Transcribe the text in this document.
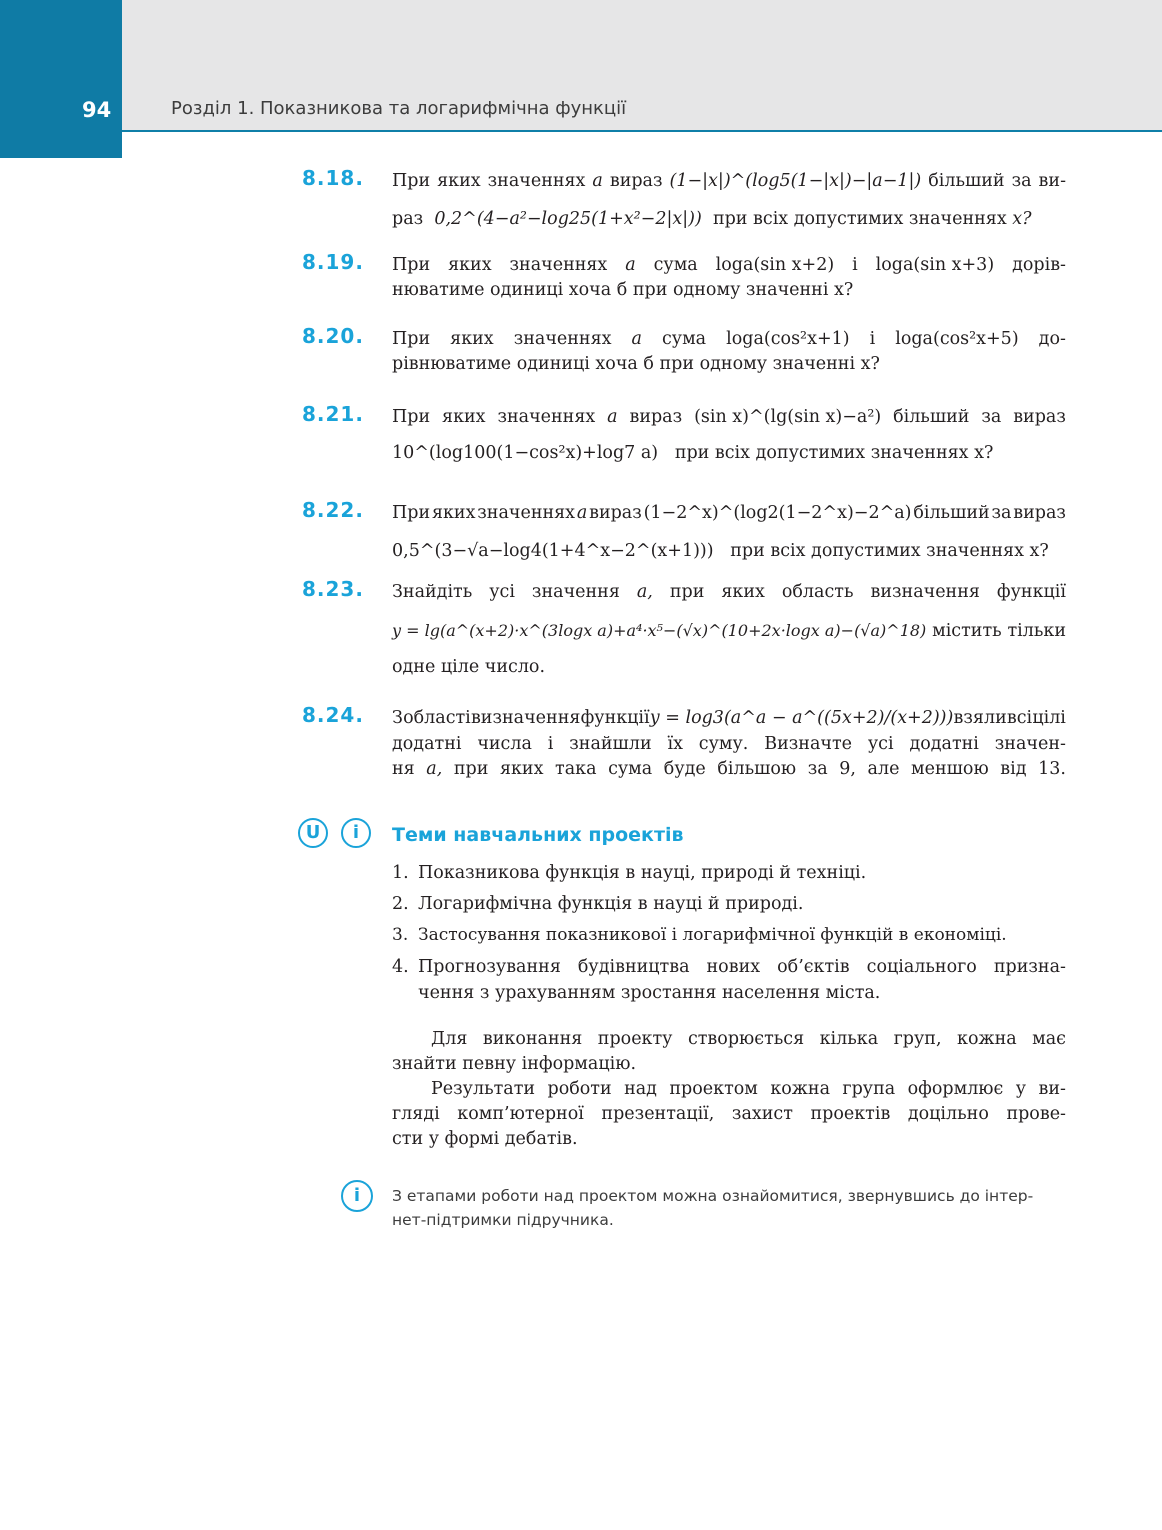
94	Розділ 1. Показникова та логарифмічна функції
8.18.	При яких значеннях a вираз (1−|x|)^(log5(1−|x|)−|a−1|) більший за ви-
раз 0,2^(4−a²−log25(1+x²−2|x|)) при всіх допустимих значеннях x?
8.19.	При яких значеннях a сума loga(sin x+2) і loga(sin x+3) дорів-
нюватиме одиниці хоча б при одному значенні x?
8.20.	При яких значеннях a сума loga(cos²x+1) і loga(cos²x+5) до-
рівнюватиме одиниці хоча б при одному значенні x?
8.21.	При яких значеннях a вираз (sin x)^(lg(sin x)−a²) більший за вираз
10^(log100(1−cos²x)+log7 a) при всіх допустимих значеннях x?
8.22.	При яких значеннях a вираз (1−2^x)^(log2(1−2^x)−2^a) більший за вираз
0,5^(3−√a−log4(1+4^x−2^(x+1))) при всіх допустимих значеннях x?
8.23.	Знайдіть усі значення a, при яких область визначення функції
y = lg(a^(x+2)·x^(3logx a)+a⁴·x⁵−(√x)^(10+2x·logx a)−(√a)^18) містить тільки
одне ціле число.
8.24.	З області визначення функції y = log3(a^a − a^((5x+2)/(x+2))) взяли всі цілі
додатні числа і знайшли їх суму. Визначте усі додатні значен-
ня a, при яких така сума буде більшою за 9, але меншою від 13.
U	i	Теми навчальних проектів
1. Показникова функція в науці, природі й техніці.
2. Логарифмічна функція в науці й природі.
3. Застосування показникової і логарифмічної функцій в економіці.
4. Прогнозування будівництва нових об’єктів соціального призна-
чення з урахуванням зростання населення міста.
Для виконання проекту створюється кілька груп, кожна має
знайти певну інформацію.
Результати роботи над проектом кожна група оформлює у ви-
гляді комп’ютерної презентації, захист проектів доцільно прове-
сти у формі дебатів.
i	З етапами роботи над проектом можна ознайомитися, звернувшись до інтер-
нет-підтримки підручника.
